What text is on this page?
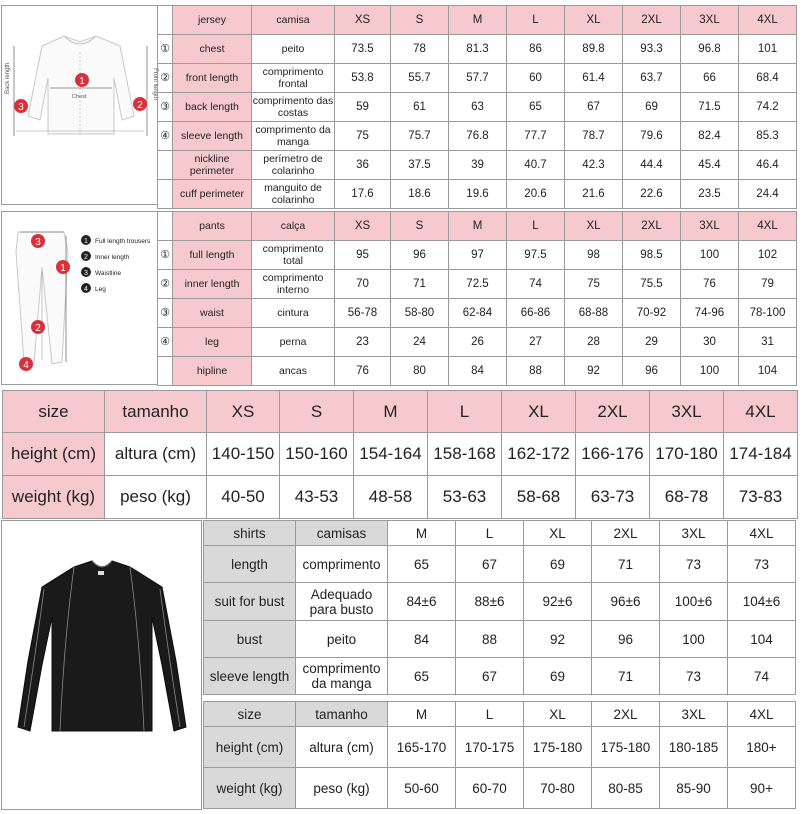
Back length	Front length
Chest
1
2
3
	jersey	camisa	XS	S	M	L	XL	2XL	3XL	4XL
①	chest	peito	73.5	78	81.3	86	89.8	93.3	96.8	101
②	front length	comprimento frontal	53.8	55.7	57.7	60	61.4	63.7	66	68.4
③	back length	comprimento das costas	59	61	63	65	67	69	71.5	74.2
④	sleeve length	comprimento da manga	75	75.7	76.8	77.7	78.7	79.6	82.4	85.3
	nickline perimeter	perímetro de colarinho	36	37.5	39	40.7	42.3	44.4	45.4	46.4
	cuff perimeter	manguito de colarinho	17.6	18.6	19.6	20.6	21.6	22.6	23.5	24.4
3
1
2
4
1 Full length trousers
2 Inner length
3 Waistline
4 Leg
	pants	calça	XS	S	M	L	XL	2XL	3XL	4XL
①	full length	comprimento total	95	96	97	97.5	98	98.5	100	102
②	inner length	comprimento interno	70	71	72.5	74	75	75.5	76	79
③	waist	cintura	56-78	58-80	62-84	66-86	68-88	70-92	74-96	78-100
④	leg	perna	23	24	26	27	28	29	30	31
	hipline	ancas	76	80	84	88	92	96	100	104
size	tamanho	XS	S	M	L	XL	2XL	3XL	4XL
height (cm)	altura (cm)	140-150	150-160	154-164	158-168	162-172	166-176	170-180	174-184
weight (kg)	peso (kg)	40-50	43-53	48-58	53-63	58-68	63-73	68-78	73-83
shirts	camisas	M	L	XL	2XL	3XL	4XL
length	comprimento	65	67	69	71	73	73
suit for bust	Adequado para busto	84±6	88±6	92±6	96±6	100±6	104±6
bust	peito	84	88	92	96	100	104
sleeve length	comprimento da manga	65	67	69	71	73	74
size	tamanho	M	L	XL	2XL	3XL	4XL
height (cm)	altura (cm)	165-170	170-175	175-180	175-180	180-185	180+
weight (kg)	peso (kg)	50-60	60-70	70-80	80-85	85-90	90+
